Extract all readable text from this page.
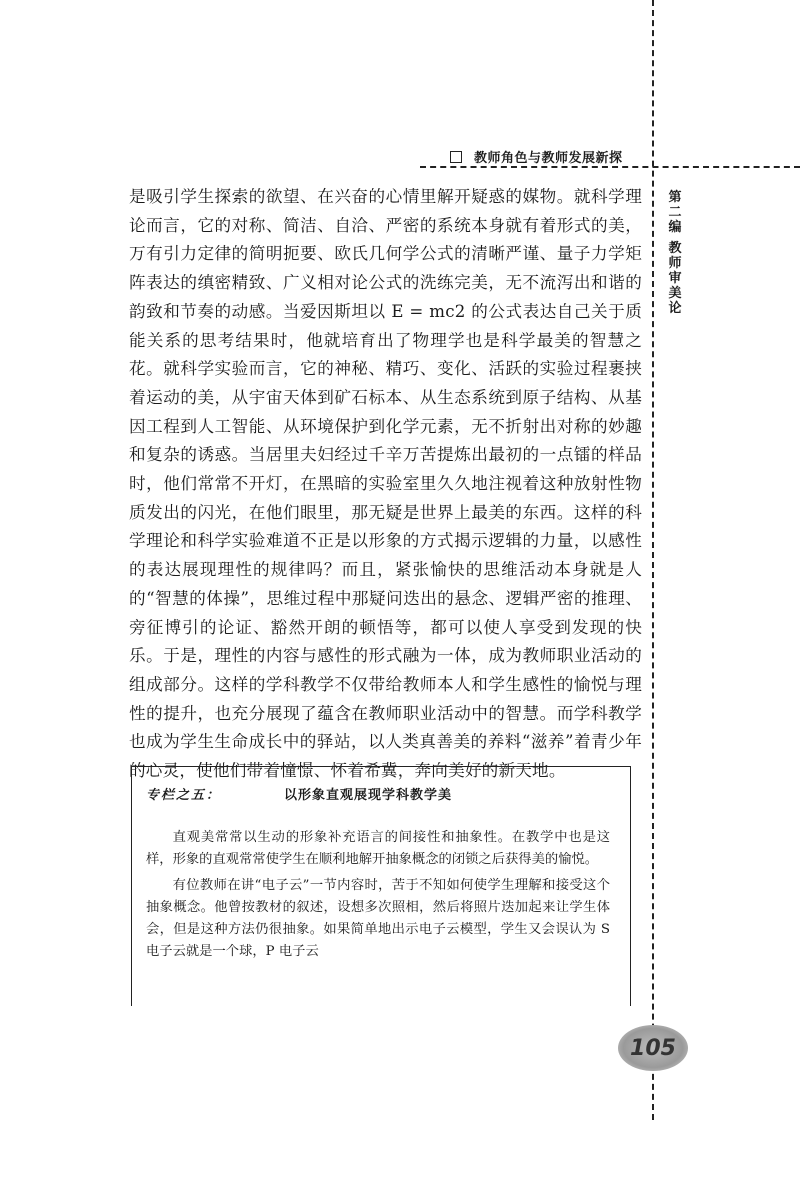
教师角色与教师发展新探
第
二
编
教
师
审
美
论

是吸引学生探索的欲望、在兴奋的心情里解开疑惑的媒物。就科学理论而言，它的对称、简洁、自洽、严密的系统本身就有着形式的美，万有引力定律的简明扼要、欧氏几何学公式的清晰严谨、量子力学矩阵表达的缜密精致、广义相对论公式的洗练完美，无不流泻出和谐的韵致和节奏的动感。当爱因斯坦以 E = mc2 的公式表达自己关于质能关系的思考结果时，他就培育出了物理学也是科学最美的智慧之花。就科学实验而言，它的神秘、精巧、变化、活跃的实验过程裹挟着运动的美，从宇宙天体到矿石标本、从生态系统到原子结构、从基因工程到人工智能、从环境保护到化学元素，无不折射出对称的妙趣和复杂的诱惑。当居里夫妇经过千辛万苦提炼出最初的一点镭的样品时，他们常常不开灯，在黑暗的实验室里久久地注视着这种放射性物质发出的闪光，在他们眼里，那无疑是世界上最美的东西。这样的科学理论和科学实验难道不正是以形象的方式揭示逻辑的力量，以感性的表达展现理性的规律吗？而且，紧张愉快的思维活动本身就是人的“智慧的体操”，思维过程中那疑问迭出的悬念、逻辑严密的推理、旁征博引的论证、豁然开朗的顿悟等，都可以使人享受到发现的快乐。于是，理性的内容与感性的形式融为一体，成为教师职业活动的组成部分。这样的学科教学不仅带给教师本人和学生感性的愉悦与理性的提升，也充分展现了蕴含在教师职业活动中的智慧。而学科教学也成为学生生命成长中的驿站，以人类真善美的养料“滋养”着青少年的心灵，使他们带着憧憬、怀着希冀，奔向美好的新天地。

专栏之五：	以形象直观展现学科教学美

直观美常常以生动的形象补充语言的间接性和抽象性。在教学中也是这样，形象的直观常常使学生在顺利地解开抽象概念的闭锁之后获得美的愉悦。

有位教师在讲“电子云”一节内容时，苦于不知如何使学生理解和接受这个抽象概念。他曾按教材的叙述，设想多次照相，然后将照片迭加起来让学生体会，但是这种方法仍很抽象。如果简单地出示电子云模型，学生又会误认为 S 电子云就是一个球，P 电子云

105
